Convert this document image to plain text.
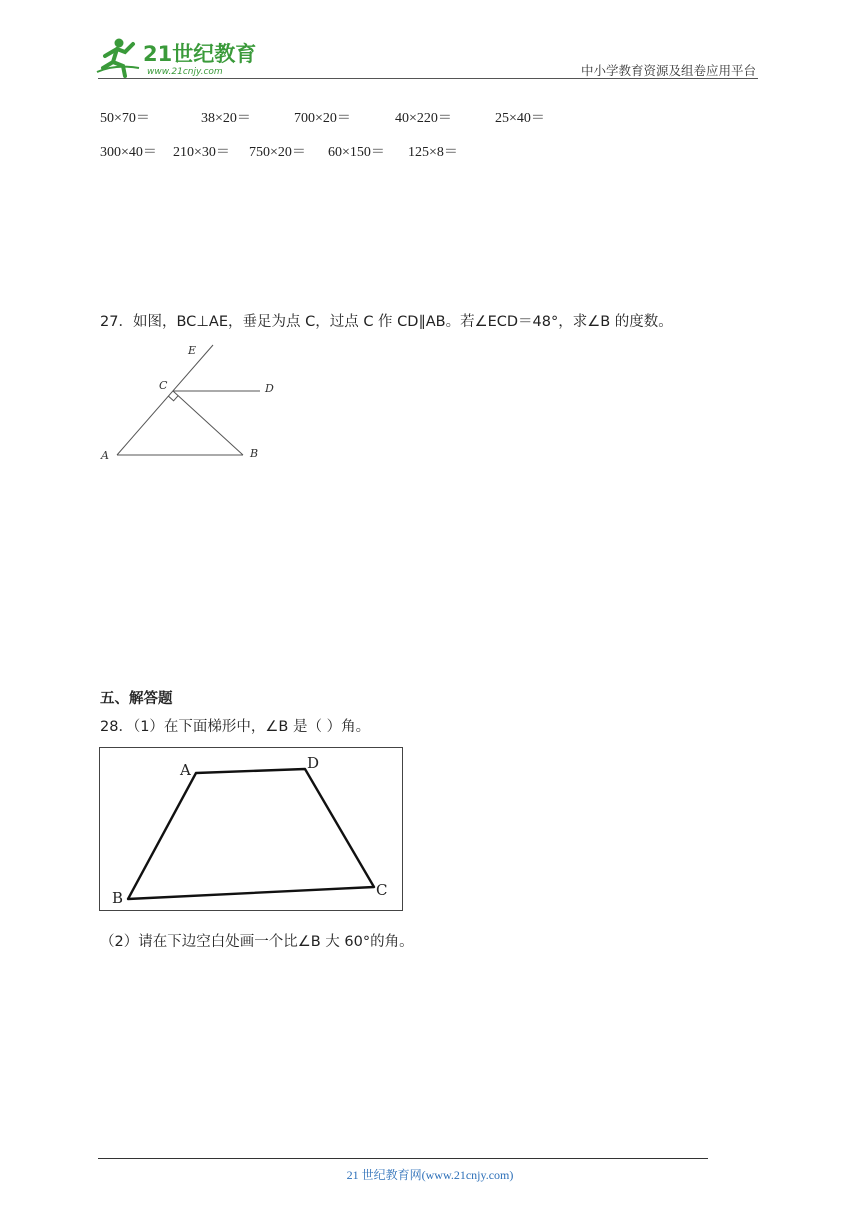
21世纪教育
www.21cnjy.com	中小学教育资源及组卷应用平台
50×70＝	38×20＝	700×20＝	40×220＝	25×40＝
300×40＝ 210×30＝ 750×20＝ 60×150＝ 125×8＝
27．如图，BC⊥AE，垂足为点 C，过点 C 作 CD∥AB。若∠ECD＝48°，求∠B 的度数。
E
C	D
A	B
五、解答题
28．（1）在下面梯形中，∠B 是（ ）角。
A	D
B	C
（2）请在下边空白处画一个比∠B 大 60°的角。
21 世纪教育网(www.21cnjy.com)
